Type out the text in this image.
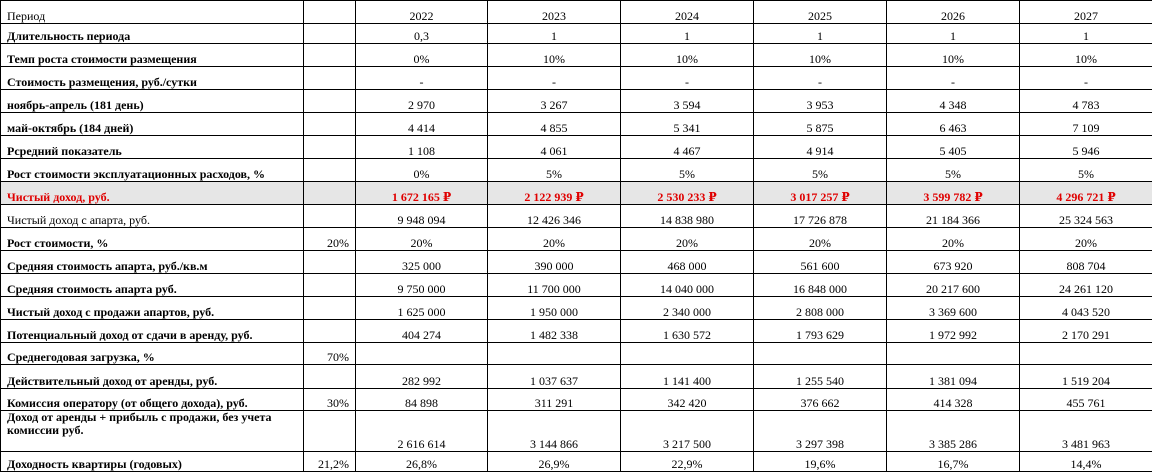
Период		2022	2023	2024	2025	2026	2027
Длительность периода		0,3	1	1	1	1	1
Темп роста стоимости размещения		0%	10%	10%	10%	10%	10%
Стоимость размещения, руб./сутки		-	-	-	-	-	-
ноябрь-апрель (181 день)		2 970	3 267	3 594	3 953	4 348	4 783
май-октябрь (184 дней)		4 414	4 855	5 341	5 875	6 463	7 109
Рсредний показатель		1 108	4 061	4 467	4 914	5 405	5 946
Рост стоимости эксплуатационных расходов, %		0%	5%	5%	5%	5%	5%
Чистый доход, руб.		1 672 165 ₽	2 122 939 ₽	2 530 233 ₽	3 017 257 ₽	3 599 782 ₽	4 296 721 ₽
Чистый доход с апарта, руб.		9 948 094	12 426 346	14 838 980	17 726 878	21 184 366	25 324 563
Рост стоимости, %	20%	20%	20%	20%	20%	20%	20%
Средняя стоимость апарта, руб./кв.м		325 000	390 000	468 000	561 600	673 920	808 704
Средняя стоимость апарта руб.		9 750 000	11 700 000	14 040 000	16 848 000	20 217 600	24 261 120
Чистый доход с продажи апартов, руб.		1 625 000	1 950 000	2 340 000	2 808 000	3 369 600	4 043 520
Потенциальный доход от сдачи в аренду, руб.		404 274	1 482 338	1 630 572	1 793 629	1 972 992	2 170 291
Среднегодовая загрузка, %	70%						
Действительный доход от аренды, руб.		282 992	1 037 637	1 141 400	1 255 540	1 381 094	1 519 204
Комиссия оператору (от общего дохода), руб.	30%	84 898	311 291	342 420	376 662	414 328	455 761
Доход от аренды + прибыль с продажи, без учета комиссии руб.		2 616 614	3 144 866	3 217 500	3 297 398	3 385 286	3 481 963
Доходность квартиры (годовых)	21,2%	26,8%	26,9%	22,9%	19,6%	16,7%	14,4%
